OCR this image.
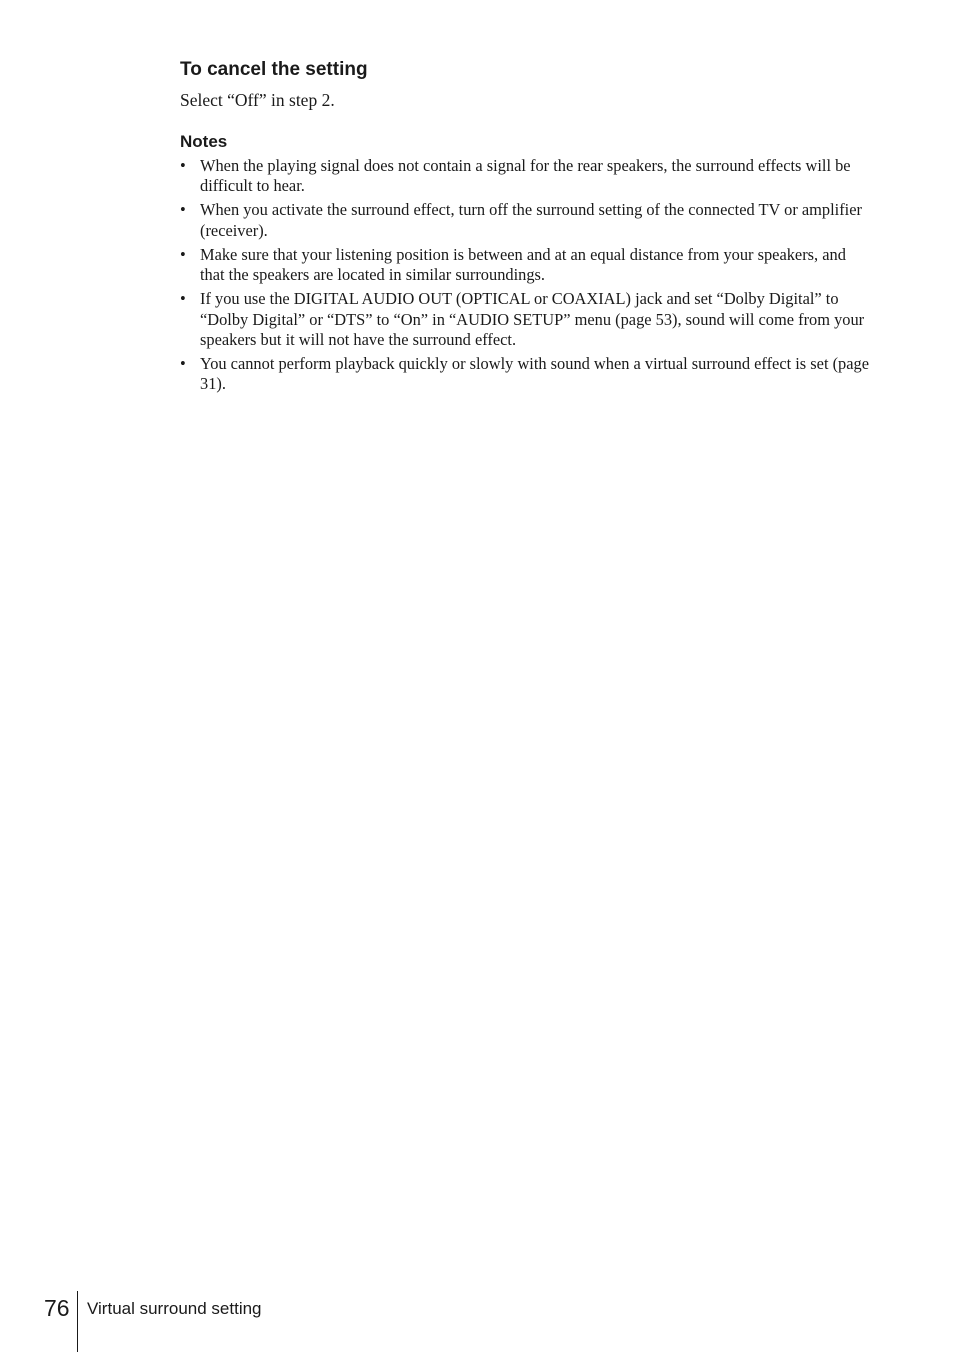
To cancel the setting

Select “Off” in step 2.

Notes
• When the playing signal does not contain a signal for the rear speakers, the surround effects will be difficult to hear.
• When you activate the surround effect, turn off the surround setting of the connected TV or amplifier (receiver).
• Make sure that your listening position is between and at an equal distance from your speakers, and that the speakers are located in similar surroundings.
• If you use the DIGITAL AUDIO OUT (OPTICAL or COAXIAL) jack and set “Dolby Digital” to “Dolby Digital” or “DTS” to “On” in “AUDIO SETUP” menu (page 53), sound will come from your speakers but it will not have the surround effect.
• You cannot perform playback quickly or slowly with sound when a virtual surround effect is set (page 31).
76 Virtual surround setting
